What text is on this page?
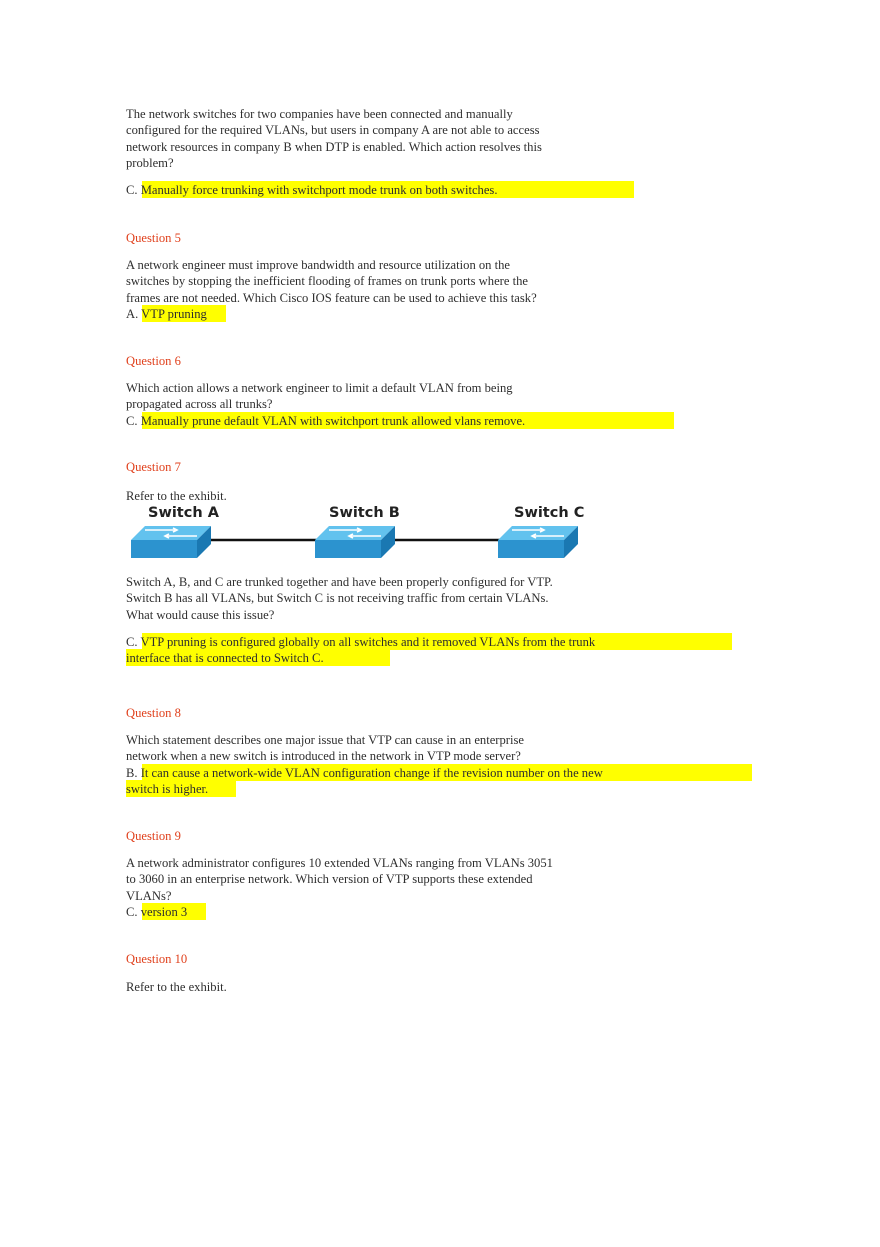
The network switches for two companies have been connected and manually
configured for the required VLANs, but users in company A are not able to access
network resources in company B when DTP is enabled. Which action resolves this
problem?
C. Manually force trunking with switchport mode trunk on both switches.
Question 5
A network engineer must improve bandwidth and resource utilization on the
switches by stopping the inefficient flooding of frames on trunk ports where the
frames are not needed. Which Cisco IOS feature can be used to achieve this task?
A. VTP pruning
Question 6
Which action allows a network engineer to limit a default VLAN from being
propagated across all trunks?
C. Manually prune default VLAN with switchport trunk allowed vlans remove.
Question 7
Refer to the exhibit.
Switch A	Switch B	Switch C
Switch A, B, and C are trunked together and have been properly configured for VTP.
Switch B has all VLANs, but Switch C is not receiving traffic from certain VLANs.
What would cause this issue?
C. VTP pruning is configured globally on all switches and it removed VLANs from the trunk
interface that is connected to Switch C.
Question 8
Which statement describes one major issue that VTP can cause in an enterprise
network when a new switch is introduced in the network in VTP mode server?
B. It can cause a network-wide VLAN configuration change if the revision number on the new
switch is higher.
Question 9
A network administrator configures 10 extended VLANs ranging from VLANs 3051
to 3060 in an enterprise network. Which version of VTP supports these extended
VLANs?
C. version 3
Question 10
Refer to the exhibit.
